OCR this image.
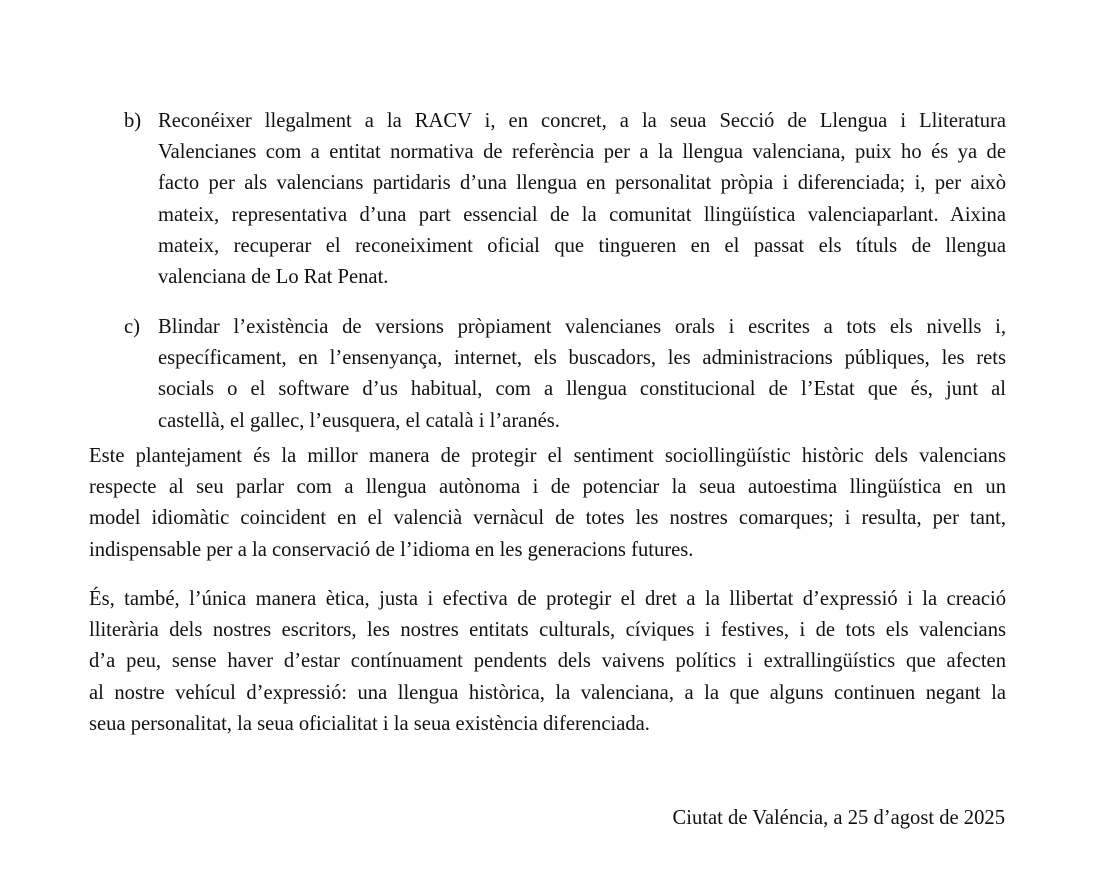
b) Reconéixer llegalment a la RACV i, en concret, a la seua Secció de Llengua i Lliteratura
Valencianes com a entitat normativa de referència per a la llengua valenciana, puix ho és ya de
facto per als valencians partidaris d’una llengua en personalitat pròpia i diferenciada; i, per això
mateix, representativa d’una part essencial de la comunitat llingüística valenciaparlant. Aixina
mateix, recuperar el reconeiximent oficial que tingueren en el passat els títuls de llengua
valenciana de Lo Rat Penat.
c) Blindar l’existència de versions pròpiament valencianes orals i escrites a tots els nivells i,
específicament, en l’ensenyança, internet, els buscadors, les administracions públiques, les rets
socials o el software d’us habitual, com a llengua constitucional de l’Estat que és, junt al
castellà, el gallec, l’eusquera, el català i l’aranés.
Este plantejament és la millor manera de protegir el sentiment sociollingüístic històric dels valencians
respecte al seu parlar com a llengua autònoma i de potenciar la seua autoestima llingüística en un
model idiomàtic coincident en el valencià vernàcul de totes les nostres comarques; i resulta, per tant,
indispensable per a la conservació de l’idioma en les generacions futures.
És, també, l’única manera ètica, justa i efectiva de protegir el dret a la llibertat d’expressió i la creació
lliterària dels nostres escritors, les nostres entitats culturals, cíviques i festives, i de tots els valencians
d’a peu, sense haver d’estar contínuament pendents dels vaivens polítics i extrallingüístics que afecten
al nostre vehícul d’expressió: una llengua històrica, la valenciana, a la que alguns continuen negant la
seua personalitat, la seua oficialitat i la seua existència diferenciada.
Ciutat de Valéncia, a 25 d’agost de 2025
